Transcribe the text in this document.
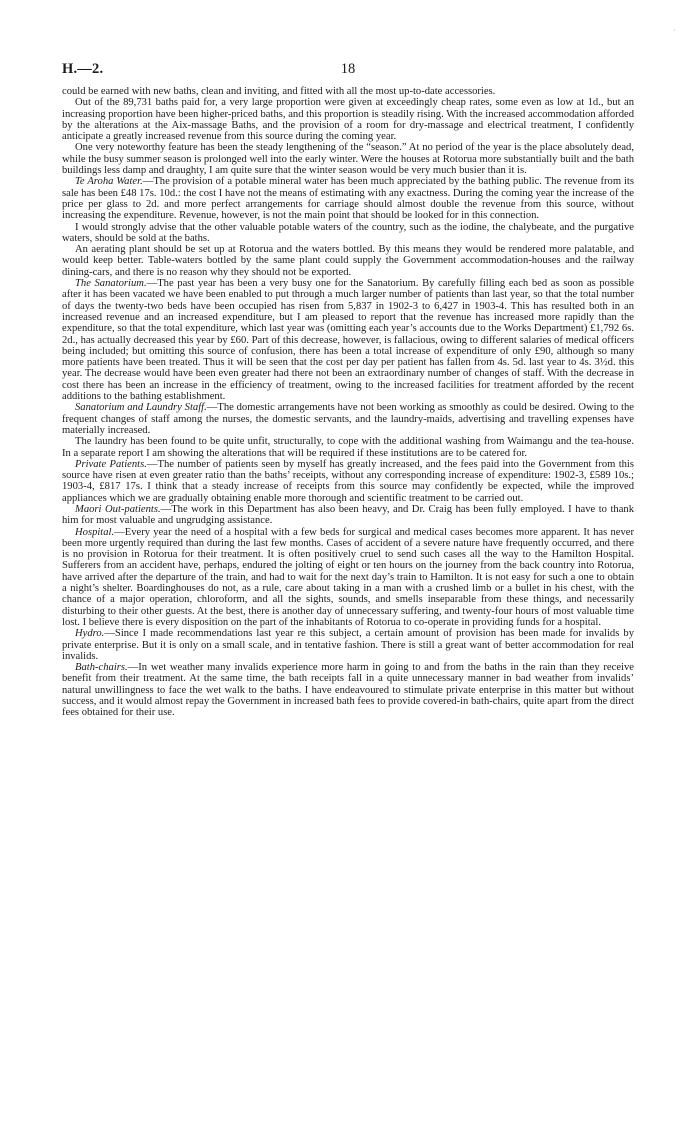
H.—2.	18
·

could be earned with new baths, clean and inviting, and fitted with all the most up-to-date accessories.

Out of the 89,731 baths paid for, a very large proportion were given at exceedingly cheap rates, some even as low at 1d., but an increasing proportion have been higher-priced baths, and this proportion is steadily rising. With the increased accommodation afforded by the alterations at the Aix-massage Baths, and the provision of a room for dry-massage and electrical treatment, I confidently anticipate a greatly increased revenue from this source during the coming year.

One very noteworthy feature has been the steady lengthening of the “season.” At no period of the year is the place absolutely dead, while the busy summer season is prolonged well into the early winter. Were the houses at Rotorua more substantially built and the bath buildings less damp and draughty, I am quite sure that the winter season would be very much busier than it is.

Te Aroha Water.—The provision of a potable mineral water has been much appreciated by the bathing public. The revenue from its sale has been £48 17s. 10d.: the cost I have not the means of estimating with any exactness. During the coming year the increase of the price per glass to 2d. and more perfect arrangements for carriage should almost double the revenue from this source, without increasing the expenditure. Revenue, however, is not the main point that should be looked for in this connection.

I would strongly advise that the other valuable potable waters of the country, such as the iodine, the chalybeate, and the purgative waters, should be sold at the baths.

An aerating plant should be set up at Rotorua and the waters bottled. By this means they would be rendered more palatable, and would keep better. Table-waters bottled by the same plant could supply the Government accommodation-houses and the railway dining-cars, and there is no reason why they should not be exported.

The Sanatorium.—The past year has been a very busy one for the Sanatorium. By carefully filling each bed as soon as possible after it has been vacated we have been enabled to put through a much larger number of patients than last year, so that the total number of days the twenty-two beds have been occupied has risen from 5,837 in 1902-3 to 6,427 in 1903-4. This has resulted both in an increased revenue and an increased expenditure, but I am pleased to report that the revenue has increased more rapidly than the expenditure, so that the total expenditure, which last year was (omitting each year’s accounts due to the Works Department) £1,792 6s. 2d., has actually decreased this year by £60. Part of this decrease, however, is fallacious, owing to different salaries of medical officers being included; but omitting this source of confusion, there has been a total increase of expenditure of only £90, although so many more patients have been treated. Thus it will be seen that the cost per day per patient has fallen from 4s. 5d. last year to 4s. 3½d. this year. The decrease would have been even greater had there not been an extraordinary number of changes of staff. With the decrease in cost there has been an increase in the efficiency of treatment, owing to the increased facilities for treatment afforded by the recent additions to the bathing establishment.

Sanatorium and Laundry Staff.—The domestic arrangements have not been working as smoothly as could be desired. Owing to the frequent changes of staff among the nurses, the domestic servants, and the laundry-maids, advertising and travelling expenses have materially increased.

The laundry has been found to be quite unfit, structurally, to cope with the additional washing from Waimangu and the tea-house. In a separate report I am showing the alterations that will be required if these institutions are to be catered for.

Private Patients.—The number of patients seen by myself has greatly increased, and the fees paid into the Government from this source have risen at even greater ratio than the baths’ receipts, without any corresponding increase of expenditure: 1902-3, £589 10s.; 1903-4, £817 17s. I think that a steady increase of receipts from this source may confidently be expected, while the improved appliances which we are gradually obtaining enable more thorough and scientific treatment to be carried out.

Maori Out-patients.—The work in this Department has also been heavy, and Dr. Craig has been fully employed. I have to thank him for most valuable and ungrudging assistance.

Hospital.—Every year the need of a hospital with a few beds for surgical and medical cases becomes more apparent. It has never been more urgently required than during the last few months. Cases of accident of a severe nature have frequently occurred, and there is no provision in Rotorua for their treatment. It is often positively cruel to send such cases all the way to the Hamilton Hospital. Sufferers from an accident have, perhaps, endured the jolting of eight or ten hours on the journey from the back country into Rotorua, have arrived after the departure of the train, and had to wait for the next day’s train to Hamilton. It is not easy for such a one to obtain a night’s shelter. Boardinghouses do not, as a rule, care about taking in a man with a crushed limb or a bullet in his chest, with the chance of a major operation, chloroform, and all the sights, sounds, and smells inseparable from these things, and necessarily disturbing to their other guests. At the best, there is another day of unnecessary suffering, and twenty-four hours of most valuable time lost. I believe there is every disposition on the part of the inhabitants of Rotorua to co-operate in providing funds for a hospital.

Hydro.—Since I made recommendations last year re this subject, a certain amount of provision has been made for invalids by private enterprise. But it is only on a small scale, and in tentative fashion. There is still a great want of better accommodation for real invalids.

Bath-chairs.—In wet weather many invalids experience more harm in going to and from the baths in the rain than they receive benefit from their treatment. At the same time, the bath receipts fall in a quite unnecessary manner in bad weather from invalids’ natural unwillingness to face the wet walk to the baths. I have endeavoured to stimulate private enterprise in this matter but without success, and it would almost repay the Government in increased bath fees to provide covered-in bath-chairs, quite apart from the direct fees obtained for their use.
